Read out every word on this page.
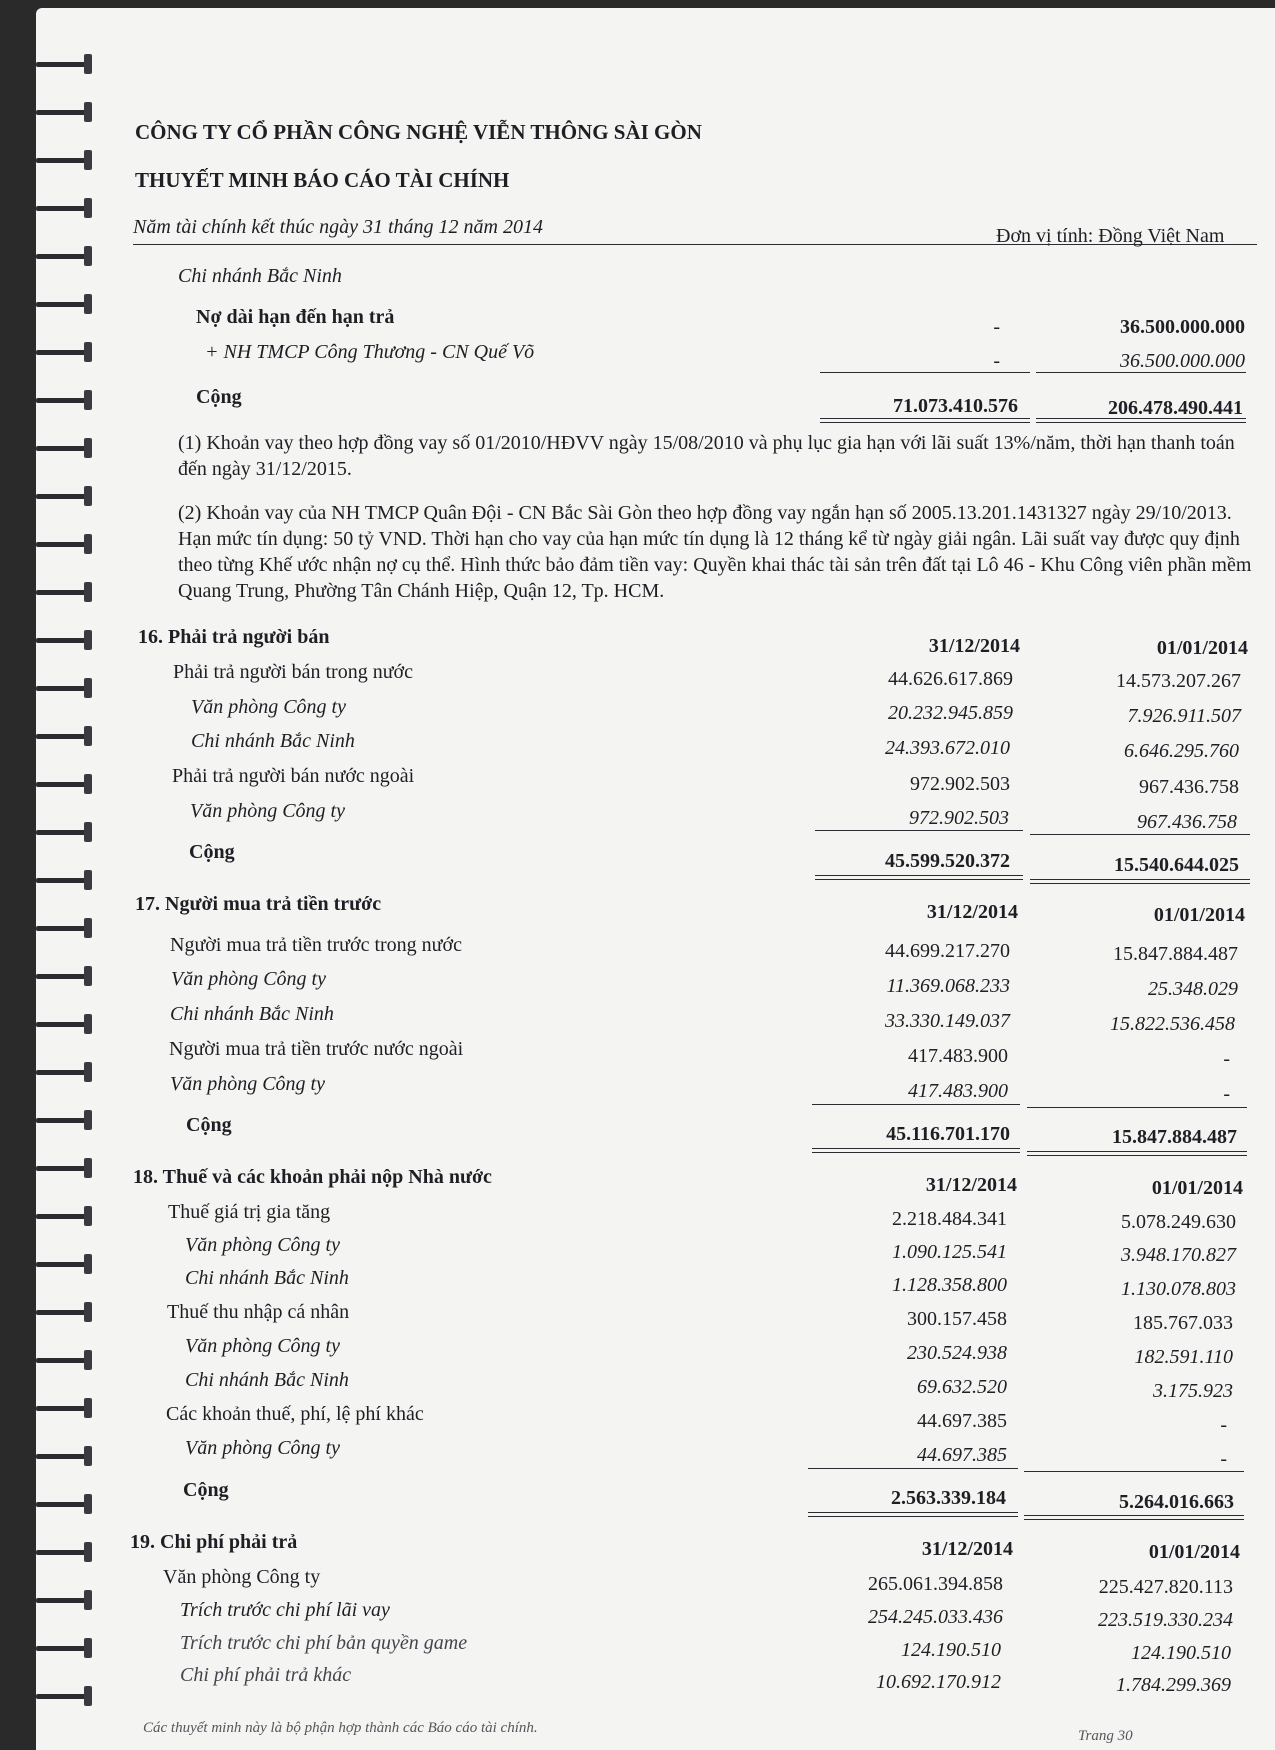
CÔNG TY CỔ PHẦN CÔNG NGHỆ VIỄN THÔNG SÀI GÒN
THUYẾT MINH BÁO CÁO TÀI CHÍNH
Năm tài chính kết thúc ngày 31 tháng 12 năm 2014	Đơn vị tính: Đồng Việt Nam
Chi nhánh Bắc Ninh
Nợ dài hạn đến hạn trả	-	36.500.000.000
+ NH TMCP Công Thương - CN Quế Võ	-	36.500.000.000
Cộng	71.073.410.576	206.478.490.441
(1) Khoản vay theo hợp đồng vay số 01/2010/HĐVV ngày 15/08/2010 và phụ lục gia hạn với lãi suất 13%/năm, thời hạn thanh toán đến ngày 31/12/2015.
(2) Khoản vay của NH TMCP Quân Đội - CN Bắc Sài Gòn theo hợp đồng vay ngắn hạn số 2005.13.201.1431327 ngày 29/10/2013. Hạn mức tín dụng: 50 tỷ VND. Thời hạn cho vay của hạn mức tín dụng là 12 tháng kể từ ngày giải ngân. Lãi suất vay được quy định theo từng Khế ước nhận nợ cụ thể. Hình thức bảo đảm tiền vay: Quyền khai thác tài sản trên đất tại Lô 46 - Khu Công viên phần mềm Quang Trung, Phường Tân Chánh Hiệp, Quận 12, Tp. HCM.
16. Phải trả người bán	31/12/2014	01/01/2014
Phải trả người bán trong nước	44.626.617.869	14.573.207.267
Văn phòng Công ty	20.232.945.859	7.926.911.507
Chi nhánh Bắc Ninh	24.393.672.010	6.646.295.760
Phải trả người bán nước ngoài	972.902.503	967.436.758
Văn phòng Công ty	972.902.503	967.436.758
Cộng	45.599.520.372	15.540.644.025
17. Người mua trả tiền trước	31/12/2014	01/01/2014
Người mua trả tiền trước trong nước	44.699.217.270	15.847.884.487
Văn phòng Công ty	11.369.068.233	25.348.029
Chi nhánh Bắc Ninh	33.330.149.037	15.822.536.458
Người mua trả tiền trước nước ngoài	417.483.900	-
Văn phòng Công ty	417.483.900	-
Cộng	45.116.701.170	15.847.884.487
18. Thuế và các khoản phải nộp Nhà nước	31/12/2014	01/01/2014
Thuế giá trị gia tăng	2.218.484.341	5.078.249.630
Văn phòng Công ty	1.090.125.541	3.948.170.827
Chi nhánh Bắc Ninh	1.128.358.800	1.130.078.803
Thuế thu nhập cá nhân	300.157.458	185.767.033
Văn phòng Công ty	230.524.938	182.591.110
Chi nhánh Bắc Ninh	69.632.520	3.175.923
Các khoản thuế, phí, lệ phí khác	44.697.385	-
Văn phòng Công ty	44.697.385	-
Cộng	2.563.339.184	5.264.016.663
19. Chi phí phải trả	31/12/2014	01/01/2014
Văn phòng Công ty	265.061.394.858	225.427.820.113
Trích trước chi phí lãi vay	254.245.033.436	223.519.330.234
Trích trước chi phí bản quyền game	124.190.510	124.190.510
Chi phí phải trả khác	10.692.170.912	1.784.299.369
Các thuyết minh này là bộ phận hợp thành các Báo cáo tài chính.	Trang 30
